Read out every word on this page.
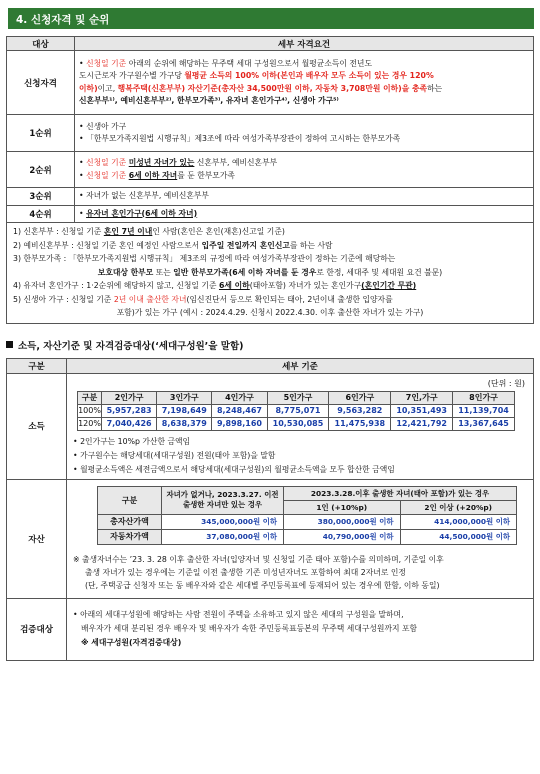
4. 신청자격 및 순위
대상	세부 자격요건
신청자격	• 신청일 기준 아래의 순위에 해당하는 무주택 세대 구성원으로서 월평균소득이 전년도
도시근로자 가구원수별 가구당 월평균 소득의 100% 이하(본인과 배우자 모두 소득이 있는 경우 120%
이하)이고, 행복주택(신혼부부) 자산기준(총자산 34,500만원 이하, 자동차 3,708만원 이하)을 충족하는
신혼부부¹⁾, 예비신혼부부²⁾, 한부모가족³⁾, 유자녀 혼인가구⁴⁾, 신생아 가구⁵⁾

1순위	• 신생아 가구
• 「한부모가족지원법 시행규칙」제3조에 따라 여성가족부장관이 정하여 고시하는 한부모가족

2순위	• 신청일 기준 미성년 자녀가 있는 신혼부부, 예비신혼부부
• 신청일 기준 6세 이하 자녀를 둔 한부모가족

3순위	• 자녀가 없는 신혼부부, 예비신혼부부
4순위	• 유자녀 혼인가구(6세 이하 자녀)
1) 신혼부부 : 신청일 기준 혼인 7년 이내인 사람(혼인은 혼인(재혼)신고일 기준)
2) 예비신혼부부 : 신청일 기준 혼인 예정인 사람으로서 입주일 전일까지 혼인신고를 하는 사람
3) 한부모가족 : 「한부모가족지원법 시행규칙」 제3조의 규정에 따라 여성가족부장관이 정하는 기준에 해당하는
보호대상 한부모 또는 일반 한부모가족(6세 이하 자녀를 둔 경우로 한정, 세대주 및 세대원 요건 불문)
4) 유자녀 혼인가구 : 1·2순위에 해당하지 않고, 신청일 기준 6세 이하(태아포함) 자녀가 있는 혼인가구(혼인기간 무관)
5) 신생아 가구 : 신청일 기준 2년 이내 출산한 자녀(임신진단서 등으로 확인되는 태아, 2년이내 출생한 입양자를
포함)가 있는 가구 (예시 : 2024.4.29. 신청시 2022.4.30. 이후 출산한 자녀가 있는 가구)
소득, 자산기준 및 자격검증대상(‘세대구성원’을 말함)
구분	세부 기준
소득	
(단위 : 원)
구분	2인가구	3인가구	4인가구	5인가구	6인가구	7인,가구	8인가구
100%	5,957,283	7,198,649	8,248,467	8,775,071	9,563,282	10,351,493	11,139,704
120%	7,040,426	8,638,379	9,898,160	10,530,085	11,475,938	12,421,792	13,367,645
• 2인가구는 10%p 가산한 금액임
• 가구원수는 해당세대(세대구성원) 전원(태아 포함)을 말함
• 월평균소득액은 세전금액으로서 해당세대(세대구성원)의 월평균소득액을 모두 합산한 금액임

자산	
구분	자녀가 없거나, 2023.3.27. 이전 출생한 자녀만 있는 경우	2023.3.28.이후 출생한 자녀(태아 포함)가 있는 경우
1인 (+10%p)	2인 이상 (+20%p)
총자산가액	345,000,000원 이하	380,000,000원 이하	414,000,000원 이하
자동차가액	37,080,000원 이하	40,790,000원 이하	44,500,000원 이하
※ 출생자녀수는 ’23. 3. 28 이후 출산한 자녀(입양자녀 및 신청일 기준 태아 포함)수를 의미하며, 기준일 이후
출생 자녀가 있는 경우에는 기준일 이전 출생한 기존 미성년자녀도 포함하여 최대 2자녀로 인정
(단, 주택공급 신청자 또는 동 배우자와 같은 세대별 주민등록표에 등재되어 있는 경우에 한함, 이하 동일)

검증대상	
• 아래의 세대구성원에 해당하는 사람 전원이 주택을 소유하고 있지 않은 세대의 구성원을 말하며,
배우자가 세대 분리된 경우 배우자 및 배우자가 속한 주민등록표등본의 무주택 세대구성원까지 포함
※ 세대구성원(자격검증대상)
